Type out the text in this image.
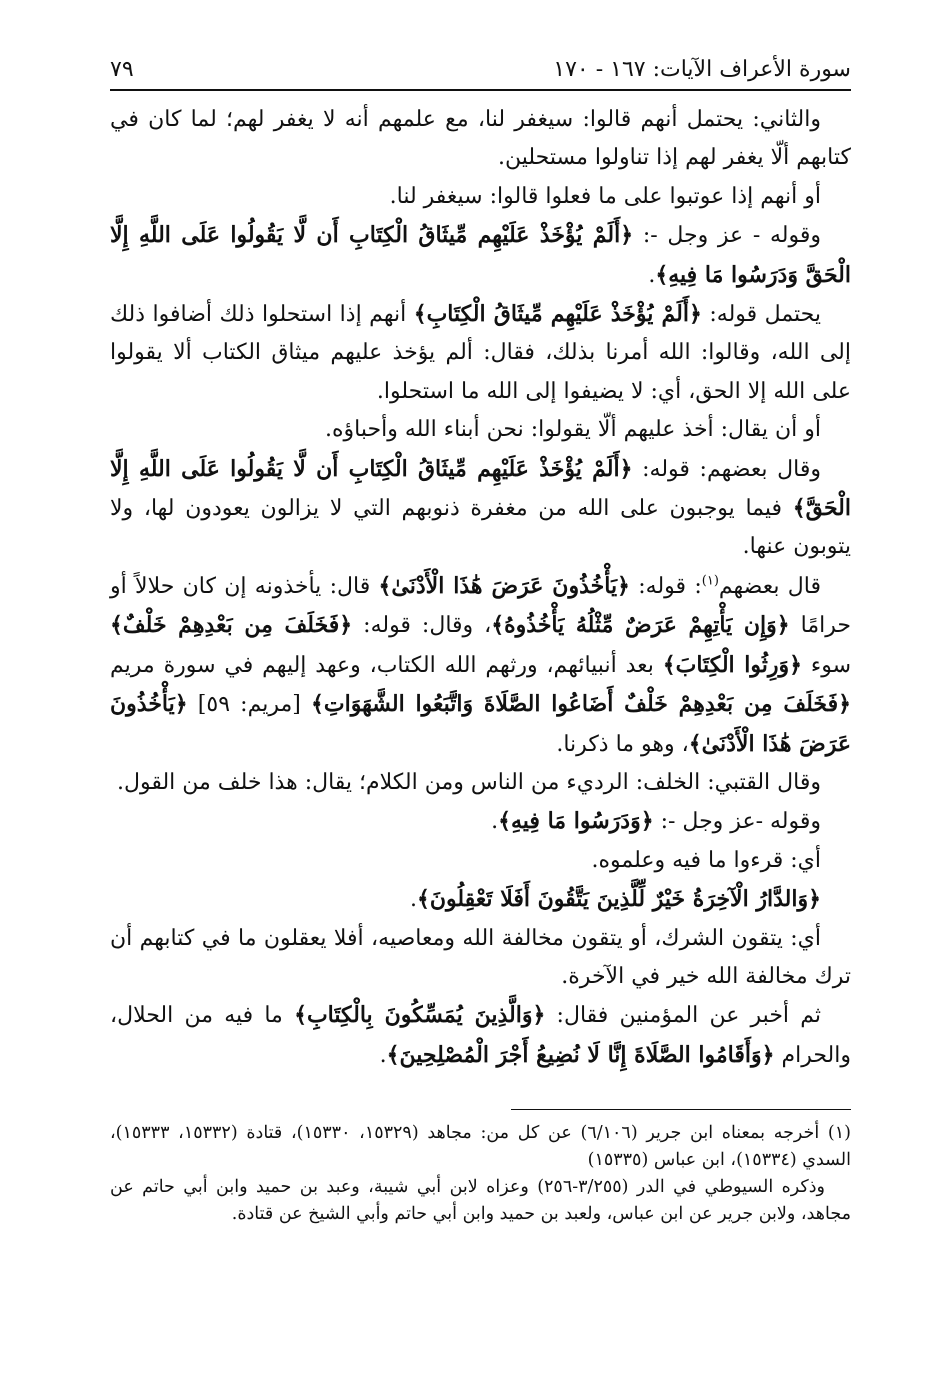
سورة الأعراف الآيات: ١٦٧ - ١٧٠
٧٩

والثاني: يحتمل أنهم قالوا: سيغفر لنا، مع علمهم أنه لا يغفر لهم؛ لما كان في كتابهم ألّا يغفر لهم إذا تناولوا مستحلين.

أو أنهم إذا عوتبوا على ما فعلوا قالوا: سيغفر لنا.

وقوله - عز وجل -: ﴿أَلَمْ يُؤْخَذْ عَلَيْهِم مِّيثَاقُ الْكِتَابِ أَن لَّا يَقُولُوا عَلَى اللَّهِ إِلَّا الْحَقَّ وَدَرَسُوا مَا فِيهِ﴾.

يحتمل قوله: ﴿أَلَمْ يُؤْخَذْ عَلَيْهِم مِّيثَاقُ الْكِتَابِ﴾ أنهم إذا استحلوا ذلك أضافوا ذلك إلى الله، وقالوا: الله أمرنا بذلك، فقال: ألم يؤخذ عليهم ميثاق الكتاب ألا يقولوا على الله إلا الحق، أي: لا يضيفوا إلى الله ما استحلوا.

أو أن يقال: أخذ عليهم ألّا يقولوا: نحن أبناء الله وأحباؤه.

وقال بعضهم: قوله: ﴿أَلَمْ يُؤْخَذْ عَلَيْهِم مِّيثَاقُ الْكِتَابِ أَن لَّا يَقُولُوا عَلَى اللَّهِ إِلَّا الْحَقَّ﴾ فيما يوجبون على الله من مغفرة ذنوبهم التي لا يزالون يعودون لها، ولا يتوبون عنها.

قال بعضهم$^{(١)}$: قوله: ﴿يَأْخُذُونَ عَرَضَ هَٰذَا الْأَدْنَىٰ﴾ قال: يأخذونه إن كان حلالاً أو حرامًا ﴿وَإِن يَأْتِهِمْ عَرَضٌ مِّثْلُهُ يَأْخُذُوهُ﴾، وقال: قوله: ﴿فَخَلَفَ مِن بَعْدِهِمْ خَلْفٌ﴾ سوء ﴿وَرِثُوا الْكِتَابَ﴾ بعد أنبيائهم، ورثهم الله الكتاب، وعهد إليهم في سورة مريم ﴿فَخَلَفَ مِن بَعْدِهِمْ خَلْفٌ أَضَاعُوا الصَّلَاةَ وَاتَّبَعُوا الشَّهَوَاتِ﴾ [مريم: ٥٩] ﴿يَأْخُذُونَ عَرَضَ هَٰذَا الْأَدْنَىٰ﴾، وهو ما ذكرنا.

وقال القتبي: الخلف: الرديء من الناس ومن الكلام؛ يقال: هذا خلف من القول.

وقوله -عز وجل -: ﴿وَدَرَسُوا مَا فِيهِ﴾.

أي: قرءوا ما فيه وعلموه.

﴿وَالدَّارُ الْآخِرَةُ خَيْرٌ لِّلَّذِينَ يَتَّقُونَ أَفَلَا تَعْقِلُونَ﴾.

أي: يتقون الشرك، أو يتقون مخالفة الله ومعاصيه، أفلا يعقلون ما في كتابهم أن ترك مخالفة الله خير في الآخرة.

ثم أخبر عن المؤمنين فقال: ﴿وَالَّذِينَ يُمَسِّكُونَ بِالْكِتَابِ﴾ ما فيه من الحلال، والحرام ﴿وَأَقَامُوا الصَّلَاةَ إِنَّا لَا نُضِيعُ أَجْرَ الْمُصْلِحِينَ﴾.

(١) أخرجه بمعناه ابن جرير (٦/١٠٦) عن كل من: مجاهد (١٥٣٢٩، ١٥٣٣٠)، قتادة (١٥٣٣٢، ١٥٣٣٣)، السدي (١٥٣٣٤)، ابن عباس (١٥٣٣٥)

وذكره السيوطي في الدر (٣/٢٥٥-٢٥٦) وعزاه لابن أبي شيبة، وعبد بن حميد وابن أبي حاتم عن مجاهد، ولابن جرير عن ابن عباس، ولعبد بن حميد وابن أبي حاتم وأبي الشيخ عن قتادة.
